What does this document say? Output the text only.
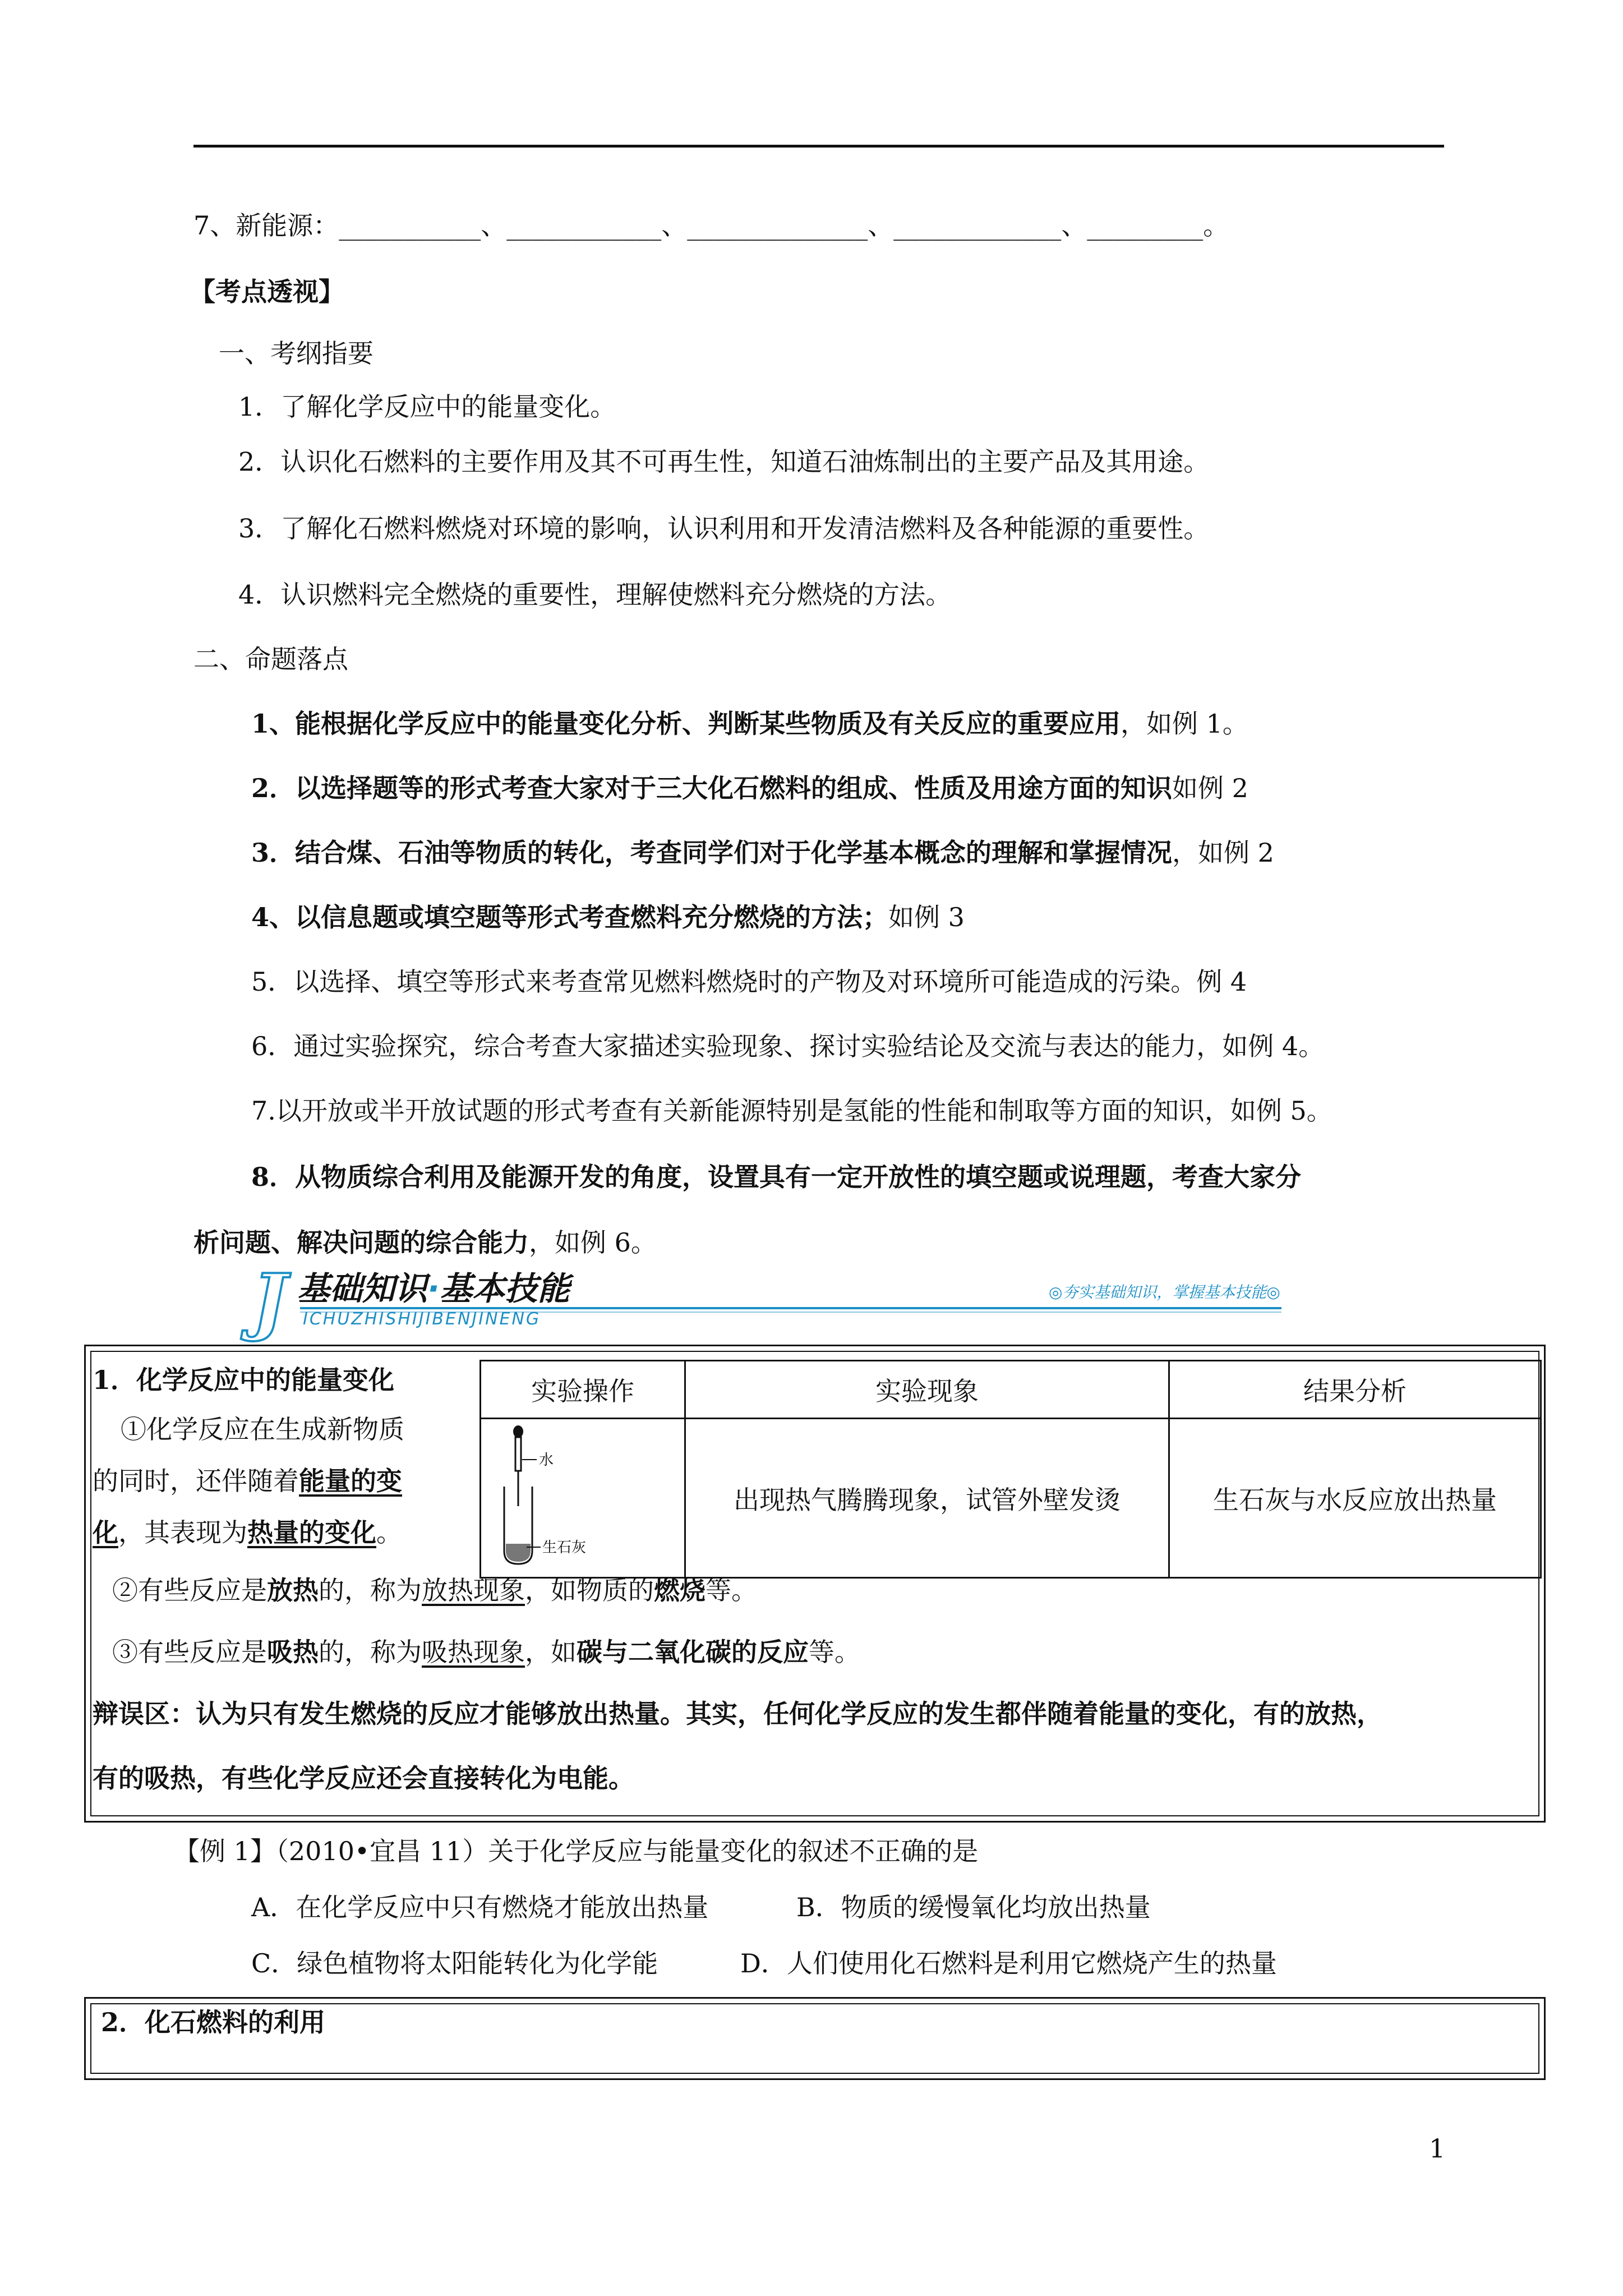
7、新能源：___________、____________、______________、_____________、_________。
【考点透视】
一、考纲指要
1．了解化学反应中的能量变化。
2．认识化石燃料的主要作用及其不可再生性，知道石油炼制出的主要产品及其用途。
3．了解化石燃料燃烧对环境的影响，认识利用和开发清洁燃料及各种能源的重要性。
4．认识燃料完全燃烧的重要性，理解使燃料充分燃烧的方法。
二、命题落点
1、能根据化学反应中的能量变化分析、判断某些物质及有关反应的重要应用，如例 1。
2．以选择题等的形式考查大家对于三大化石燃料的组成、性质及用途方面的知识如例 2
3．结合煤、石油等物质的转化，考查同学们对于化学基本概念的理解和掌握情况，如例 2
4、以信息题或填空题等形式考查燃料充分燃烧的方法；如例 3
5．以选择、填空等形式来考查常见燃料燃烧时的产物及对环境所可能造成的污染。例 4
6．通过实验探究，综合考查大家描述实验现象、探讨实验结论及交流与表达的能力，如例 4。
7.以开放或半开放试题的形式考查有关新能源特别是氢能的性能和制取等方面的知识，如例 5。
8．从物质综合利用及能源开发的角度，设置具有一定开放性的填空题或说理题，考查大家分
析问题、解决问题的综合能力，如例 6。
J 基础知识·基本技能
ICHUZHISHIJIBENJINENG
◎夯实基础知识，掌握基本技能◎
1．化学反应中的能量变化
①化学反应在生成新物质
的同时，还伴随着能量的变
化，其表现为热量的变化。
②有些反应是放热的，称为放热现象，如物质的燃烧等。
③有些反应是吸热的，称为吸热现象，如碳与二氧化碳的反应等。
辩误区：认为只有发生燃烧的反应才能够放出热量。其实，任何化学反应的发生都伴随着能量的变化，有的放热，
有的吸热，有些化学反应还会直接转化为电能。
实验操作	实验现象	结果分析

水
生石灰	出现热气腾腾现象，试管外壁发烫	生石灰与水反应放出热量
【例 1】（2010•宜昌 11）关于化学反应与能量变化的叙述不正确的是
A．在化学反应中只有燃烧才能放出热量	B．物质的缓慢氧化均放出热量
C．绿色植物将太阳能转化为化学能	D．人们使用化石燃料是利用它燃烧产生的热量
2．化石燃料的利用
1
